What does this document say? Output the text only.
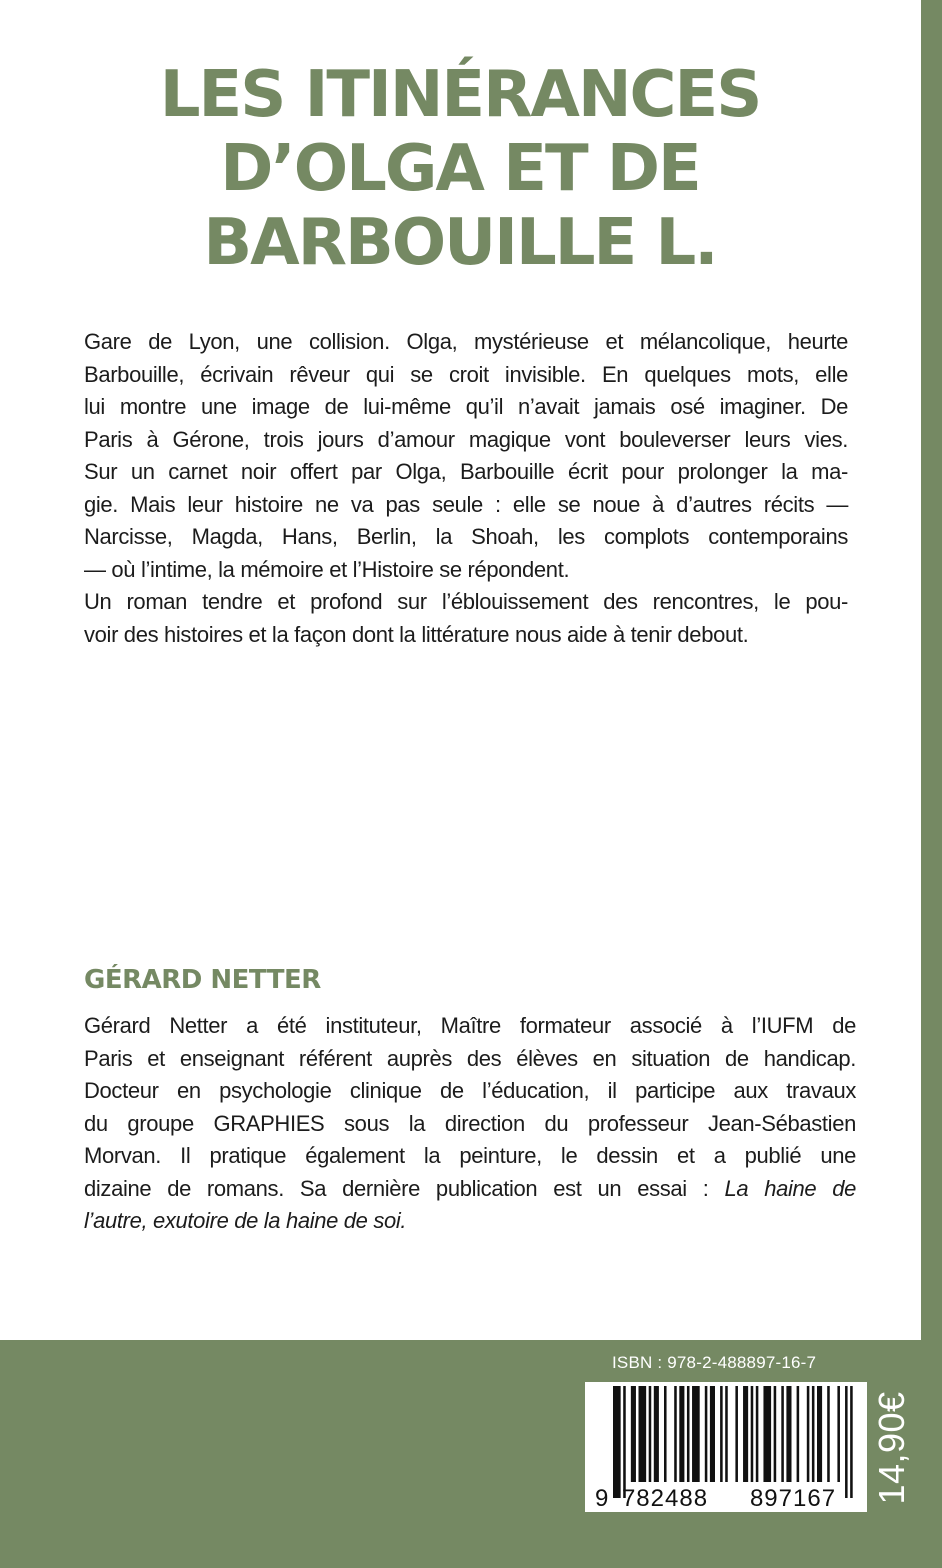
LES ITINÉRANCES
D’OLGA ET DE
BARBOUILLE L.
Gare de Lyon, une collision. Olga, mystérieuse et mélancolique, heurte
Barbouille, écrivain rêveur qui se croit invisible. En quelques mots, elle
lui montre une image de lui-même qu’il n’avait jamais osé imaginer. De
Paris à Gérone, trois jours d’amour magique vont bouleverser leurs vies.
Sur un carnet noir offert par Olga, Barbouille écrit pour prolonger la ma-
gie. Mais leur histoire ne va pas seule : elle se noue à d’autres récits —
Narcisse, Magda, Hans, Berlin, la Shoah, les complots contemporains
— où l’intime, la mémoire et l’Histoire se répondent.
Un roman tendre et profond sur l’éblouissement des rencontres, le pou-
voir des histoires et la façon dont la littérature nous aide à tenir debout.
GÉRARD NETTER
Gérard Netter a été instituteur, Maître formateur associé à l’IUFM de
Paris et enseignant référent auprès des élèves en situation de handicap.
Docteur en psychologie clinique de l’éducation, il participe aux travaux
du groupe GRAPHIES sous la direction du professeur Jean-Sébastien
Morvan. Il pratique également la peinture, le dessin et a publié une
dizaine de romans. Sa dernière publication est un essai : La haine de
l’autre, exutoire de la haine de soi.
ISBN : 978-2-488897-16-7
9 782488 897167 14,90€
